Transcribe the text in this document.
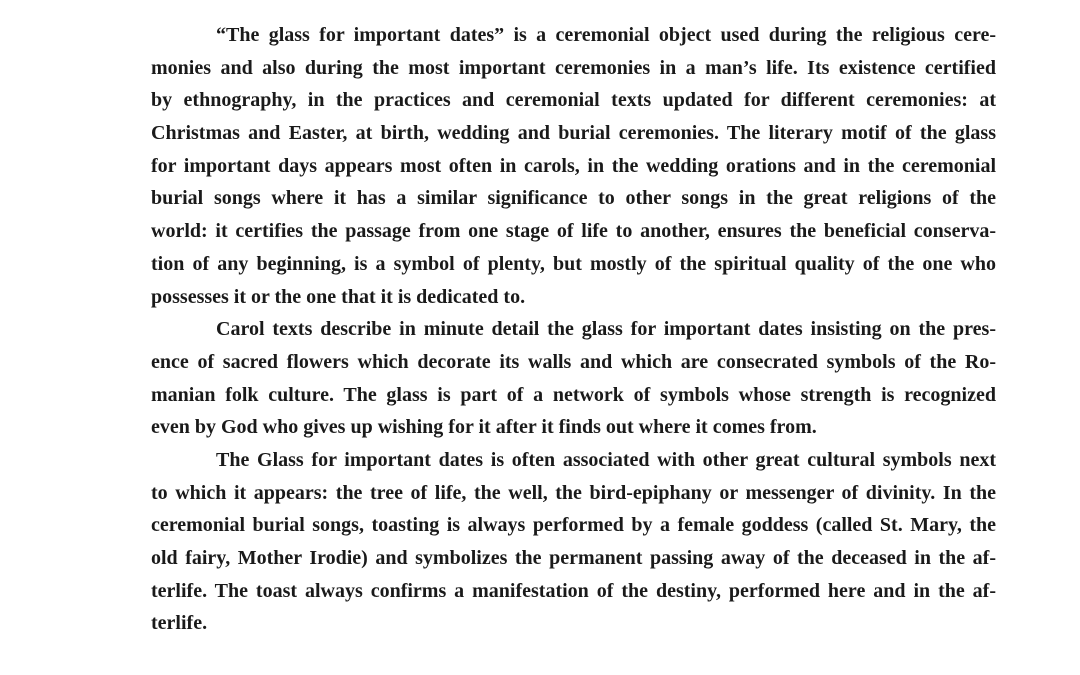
“The glass for important dates” is a ceremonial object used during the religious cere-
monies and also during the most important ceremonies in a man’s life. Its existence certified
by ethnography, in the practices and ceremonial texts updated for different ceremonies: at
Christmas and Easter, at birth, wedding and burial ceremonies. The literary motif of the glass
for important days appears most often in carols, in the wedding orations and in the ceremonial
burial songs where it has a similar significance to other songs in the great religions of the
world: it certifies the passage from one stage of life to another, ensures the beneficial conserva-
tion of any beginning, is a symbol of plenty, but mostly of the spiritual quality of the one who
possesses it or the one that it is dedicated to.
Carol texts describe in minute detail the glass for important dates insisting on the pres-
ence of sacred flowers which decorate its walls and which are consecrated symbols of the Ro-
manian folk culture. The glass is part of a network of symbols whose strength is recognized
even by God who gives up wishing for it after it finds out where it comes from.
The Glass for important dates is often associated with other great cultural symbols next
to which it appears: the tree of life, the well, the bird-epiphany or messenger of divinity. In the
ceremonial burial songs, toasting is always performed by a female goddess (called St. Mary, the
old fairy, Mother Irodie) and symbolizes the permanent passing away of the deceased in the af-
terlife. The toast always confirms a manifestation of the destiny, performed here and in the af-
terlife.
